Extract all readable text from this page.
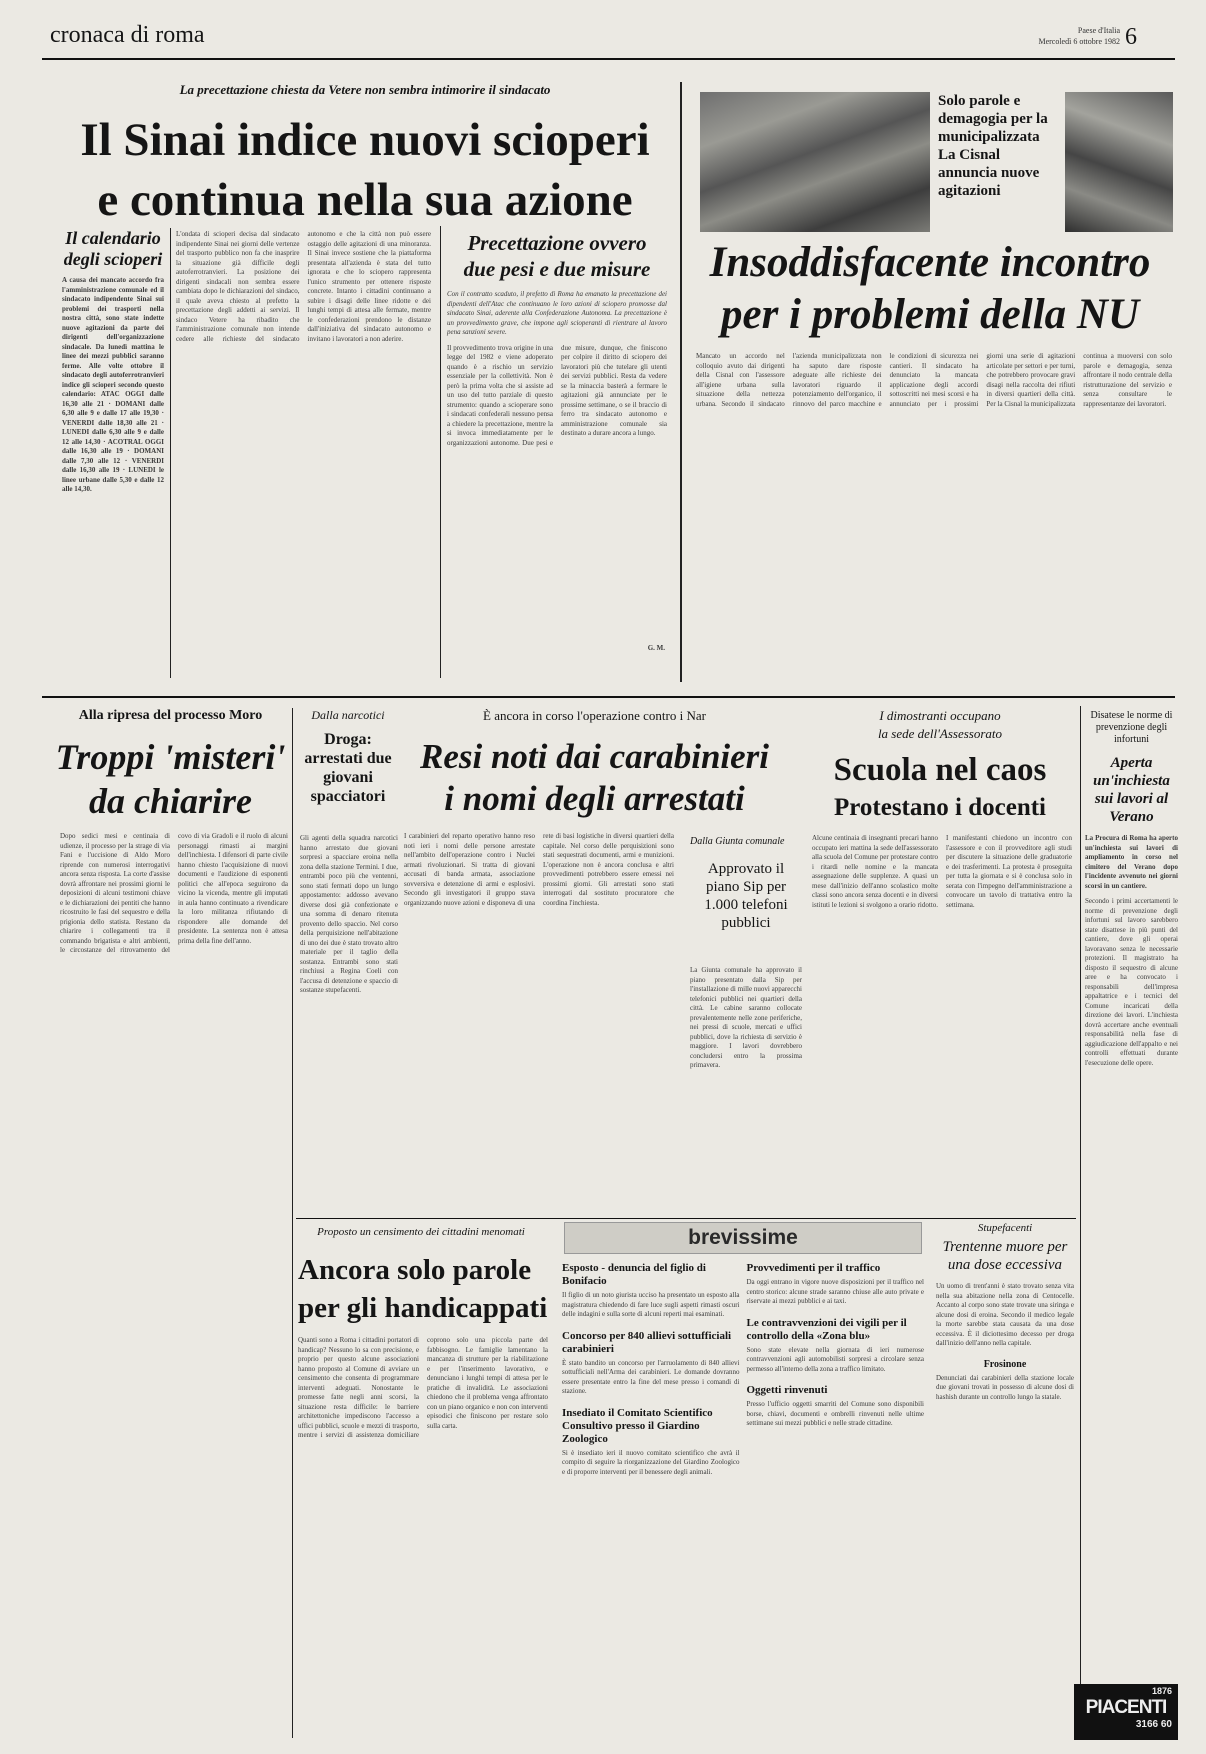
cronaca di roma	Paese d'Italia
Mercoledì 6 ottobre 1982 6
La precettazione chiesta da Vetere non sembra intimorire il sindacato
Il Sinai indice nuovi scioperi
e continua nella sua azione
Il calendario
degli scioperi
A causa dei mancato accordo fra l'amministrazione comunale ed il sindacato indipendente Sinai sui problemi dei trasporti nella nostra città, sono state indette nuove agitazioni da parte dei dirigenti dell'organizzazione sindacale. Da lunedì mattina le linee dei mezzi pubblici saranno ferme. Alle volte ottobre il sindacato degli autoferrotranvieri indice gli scioperi secondo questo calendario: ATAC OGGI dalle 16,30 alle 21 · DOMANI dalle 6,30 alle 9 e dalle 17 alle 19,30 · VENERDI dalle 18,30 alle 21 · LUNEDI dalle 6,30 alle 9 e dalle 12 alle 14,30 · ACOTRAL OGGI dalle 16,30 alle 19 · DOMANI dalle 7,30 alle 12 · VENERDI dalle 16,30 alle 19 · LUNEDI le linee urbane dalle 5,30 e dalle 12 alle 14,30.
L'ondata di scioperi decisa dal sindacato indipendente Sinai nei giorni delle vertenze del trasporto pubblico non fa che inasprire la situazione già difficile degli autoferrotranvieri. La posizione dei dirigenti sindacali non sembra essere cambiata dopo le dichiarazioni del sindaco, il quale aveva chiesto al prefetto la precettazione degli addetti ai servizi. Il sindaco Vetere ha ribadito che l'amministrazione comunale non intende cedere alle richieste del sindacato autonomo e che la città non può essere ostaggio delle agitazioni di una minoranza. Il Sinai invece sostiene che la piattaforma presentata all'azienda è stata del tutto ignorata e che lo sciopero rappresenta l'unico strumento per ottenere risposte concrete. Intanto i cittadini continuano a subire i disagi delle linee ridotte e dei lunghi tempi di attesa alle fermate, mentre le confederazioni prendono le distanze dall'iniziativa del sindacato autonomo e invitano i lavoratori a non aderire.
Precettazione ovvero
due pesi e due misure
Con il contratto scaduto, il prefetto di Roma ha emanato la precettazione dei dipendenti dell'Atac che continuano le loro azioni di sciopero promosse dal sindacato Sinai, aderente alla Confederazione Autonoma. La precettazione è un provvedimento grave, che impone agli scioperanti di rientrare al lavoro pena sanzioni severe.
Il provvedimento trova origine in una legge del 1982 e viene adoperato quando è a rischio un servizio essenziale per la collettività. Non è però la prima volta che si assiste ad un uso del tutto parziale di questo strumento: quando a scioperare sono i sindacati confederali nessuno pensa a chiedere la precettazione, mentre la si invoca immediatamente per le organizzazioni autonome. Due pesi e due misure, dunque, che finiscono per colpire il diritto di sciopero dei lavoratori più che tutelare gli utenti dei servizi pubblici. Resta da vedere se la minaccia basterà a fermare le agitazioni già annunciate per le prossime settimane, o se il braccio di ferro tra sindacato autonomo e amministrazione comunale sia destinato a durare ancora a lungo.
G. M.
Solo parole e demagogia per la municipalizzata La Cisnal annuncia nuove agitazioni
Insoddisfacente incontro
per i problemi della NU
Mancato un accordo nel colloquio avuto dai dirigenti della Cisnal con l'assessore all'igiene urbana sulla situazione della nettezza urbana. Secondo il sindacato l'azienda municipalizzata non ha saputo dare risposte adeguate alle richieste dei lavoratori riguardo il potenziamento dell'organico, il rinnovo del parco macchine e le condizioni di sicurezza nei cantieri. Il sindacato ha denunciato la mancata applicazione degli accordi sottoscritti nei mesi scorsi e ha annunciato per i prossimi giorni una serie di agitazioni articolate per settori e per turni, che potrebbero provocare gravi disagi nella raccolta dei rifiuti in diversi quartieri della città. Per la Cisnal la municipalizzata continua a muoversi con solo parole e demagogia, senza affrontare il nodo centrale della ristrutturazione del servizio e senza consultare le rappresentanze dei lavoratori.
Alla ripresa del processo Moro
Troppi 'misteri'
da chiarire
Dopo sedici mesi e centinaia di udienze, il processo per la strage di via Fani e l'uccisione di Aldo Moro riprende con numerosi interrogativi ancora senza risposta. La corte d'assise dovrà affrontare nei prossimi giorni le deposizioni di alcuni testimoni chiave e le dichiarazioni dei pentiti che hanno ricostruito le fasi del sequestro e della prigionia dello statista. Restano da chiarire i collegamenti tra il commando brigatista e altri ambienti, le circostanze del ritrovamento del covo di via Gradoli e il ruolo di alcuni personaggi rimasti ai margini dell'inchiesta. I difensori di parte civile hanno chiesto l'acquisizione di nuovi documenti e l'audizione di esponenti politici che all'epoca seguirono da vicino la vicenda, mentre gli imputati in aula hanno continuato a rivendicare la loro militanza rifiutando di rispondere alle domande del presidente. La sentenza non è attesa prima della fine dell'anno.
Dalla narcotici
Droga: arrestati due giovani spacciatori
Gli agenti della squadra narcotici hanno arrestato due giovani sorpresi a spacciare eroina nella zona della stazione Termini. I due, entrambi poco più che ventenni, sono stati fermati dopo un lungo appostamento: addosso avevano diverse dosi già confezionate e una somma di denaro ritenuta provento dello spaccio. Nel corso della perquisizione nell'abitazione di uno dei due è stato trovato altro materiale per il taglio della sostanza. Entrambi sono stati rinchiusi a Regina Coeli con l'accusa di detenzione e spaccio di sostanze stupefacenti.
È ancora in corso l'operazione contro i Nar
Resi noti dai carabinieri
i nomi degli arrestati
I carabinieri del reparto operativo hanno reso noti ieri i nomi delle persone arrestate nell'ambito dell'operazione contro i Nuclei armati rivoluzionari. Si tratta di giovani accusati di banda armata, associazione sovversiva e detenzione di armi e esplosivi. Secondo gli investigatori il gruppo stava organizzando nuove azioni e disponeva di una rete di basi logistiche in diversi quartieri della capitale. Nel corso delle perquisizioni sono stati sequestrati documenti, armi e munizioni. L'operazione non è ancora conclusa e altri provvedimenti potrebbero essere emessi nei prossimi giorni. Gli arrestati sono stati interrogati dal sostituto procuratore che coordina l'inchiesta.
Dalla Giunta comunale
Approvato il piano Sip per 1.000 telefoni pubblici
La Giunta comunale ha approvato il piano presentato dalla Sip per l'installazione di mille nuovi apparecchi telefonici pubblici nei quartieri della città. Le cabine saranno collocate prevalentemente nelle zone periferiche, nei pressi di scuole, mercati e uffici pubblici, dove la richiesta di servizio è maggiore. I lavori dovrebbero concludersi entro la prossima primavera.
I dimostranti occupano
la sede dell'Assessorato
Scuola nel caos
Protestano i docenti
Alcune centinaia di insegnanti precari hanno occupato ieri mattina la sede dell'assessorato alla scuola del Comune per protestare contro i ritardi nelle nomine e la mancata assegnazione delle supplenze. A quasi un mese dall'inizio dell'anno scolastico molte classi sono ancora senza docenti e in diversi istituti le lezioni si svolgono a orario ridotto. I manifestanti chiedono un incontro con l'assessore e con il provveditore agli studi per discutere la situazione delle graduatorie e dei trasferimenti. La protesta è proseguita per tutta la giornata e si è conclusa solo in serata con l'impegno dell'amministrazione a convocare un tavolo di trattativa entro la settimana.
Disatese le norme di prevenzione degli infortuni
Aperta un'inchiesta sui lavori al Verano
La Procura di Roma ha aperto un'inchiesta sui lavori di ampliamento in corso nel cimitero del Verano dopo l'incidente avvenuto nei giorni scorsi in un cantiere.
Secondo i primi accertamenti le norme di prevenzione degli infortuni sul lavoro sarebbero state disattese in più punti del cantiere, dove gli operai lavoravano senza le necessarie protezioni. Il magistrato ha disposto il sequestro di alcune aree e ha convocato i responsabili dell'impresa appaltatrice e i tecnici del Comune incaricati della direzione dei lavori. L'inchiesta dovrà accertare anche eventuali responsabilità nella fase di aggiudicazione dell'appalto e nei controlli effettuati durante l'esecuzione delle opere.
Proposto un censimento dei cittadini menomati
Ancora solo parole
per gli handicappati
Quanti sono a Roma i cittadini portatori di handicap? Nessuno lo sa con precisione, e proprio per questo alcune associazioni hanno proposto al Comune di avviare un censimento che consenta di programmare interventi adeguati. Nonostante le promesse fatte negli anni scorsi, la situazione resta difficile: le barriere architettoniche impediscono l'accesso a uffici pubblici, scuole e mezzi di trasporto, mentre i servizi di assistenza domiciliare coprono solo una piccola parte del fabbisogno. Le famiglie lamentano la mancanza di strutture per la riabilitazione e per l'inserimento lavorativo, e denunciano i lunghi tempi di attesa per le pratiche di invalidità. Le associazioni chiedono che il problema venga affrontato con un piano organico e non con interventi episodici che finiscono per restare solo sulla carta.
brevissime
Esposto - denuncia del figlio di Bonifacio
Il figlio di un noto giurista ucciso ha presentato un esposto alla magistratura chiedendo di fare luce sugli aspetti rimasti oscuri delle indagini e sulla sorte di alcuni reperti mai esaminati.
Concorso per 840 allievi sottufficiali carabinieri
È stato bandito un concorso per l'arruolamento di 840 allievi sottufficiali nell'Arma dei carabinieri. Le domande dovranno essere presentate entro la fine del mese presso i comandi di stazione.
Insediato il Comitato Scientifico Consultivo presso il Giardino Zoologico
Si è insediato ieri il nuovo comitato scientifico che avrà il compito di seguire la riorganizzazione del Giardino Zoologico e di proporre interventi per il benessere degli animali.
Provvedimenti per il traffico
Da oggi entrano in vigore nuove disposizioni per il traffico nel centro storico: alcune strade saranno chiuse alle auto private e riservate ai mezzi pubblici e ai taxi.
Le contravvenzioni dei vigili per il controllo della «Zona blu»
Sono state elevate nella giornata di ieri numerose contravvenzioni agli automobilisti sorpresi a circolare senza permesso all'interno della zona a traffico limitato.
Oggetti rinvenuti
Presso l'ufficio oggetti smarriti del Comune sono disponibili borse, chiavi, documenti e ombrelli rinvenuti nelle ultime settimane sui mezzi pubblici e nelle strade cittadine.
Stupefacenti
Trentenne muore per una dose eccessiva
Un uomo di trent'anni è stato trovato senza vita nella sua abitazione nella zona di Centocelle. Accanto al corpo sono state trovate una siringa e alcune dosi di eroina. Secondo il medico legale la morte sarebbe stata causata da una dose eccessiva. È il diciottesimo decesso per droga dall'inizio dell'anno nella capitale.
Frosinone
Denunciati dai carabinieri della stazione locale due giovani trovati in possesso di alcune dosi di hashish durante un controllo lungo la statale.
1876
PIACENTI
3166 60
